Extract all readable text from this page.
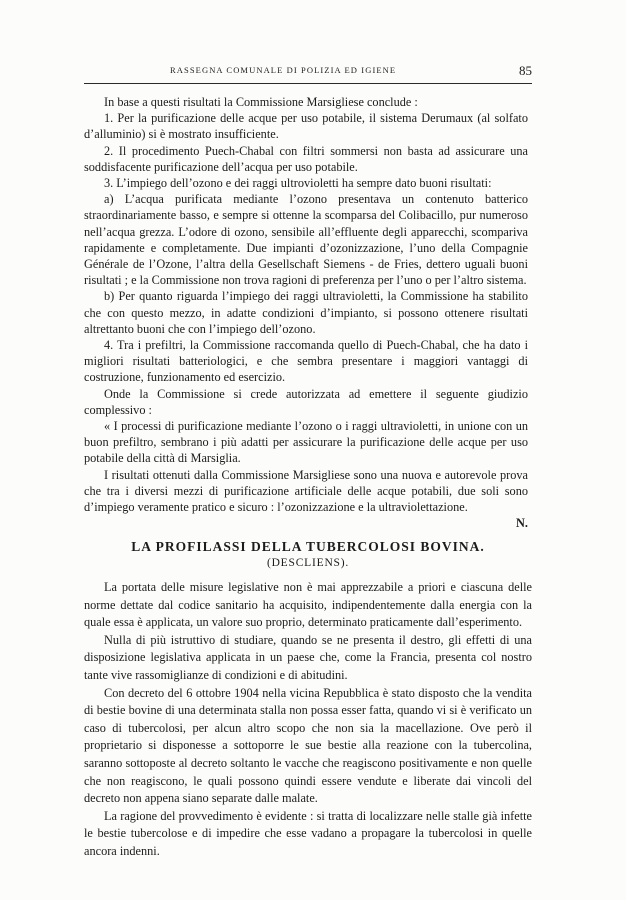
RASSEGNA COMUNALE DI POLIZIA ED IGIENE	85

In base a questi risultati la Commissione Marsigliese conclude :

1. Per la purificazione delle acque per uso potabile, il sistema Derumaux (al solfato d’alluminio) si è mostrato insufficiente.

2. Il procedimento Puech-Chabal con filtri sommersi non basta ad assicurare una soddisfacente purificazione dell’acqua per uso potabile.

3. L’impiego dell’ozono e dei raggi ultrovioletti ha sempre dato buoni risultati:

a) L’acqua purificata mediante l’ozono presentava un contenuto batterico straordinariamente basso, e sempre si ottenne la scomparsa del Colibacillo, pur numeroso nell’acqua grezza. L’odore di ozono, sensibile all’effluente degli apparecchi, scompariva rapidamente e completamente. Due impianti d’ozonizzazione, l’uno della Compagnie Générale de l’Ozone, l’altra della Gesellschaft Siemens - de Fries, dettero uguali buoni risultati ; e la Commissione non trova ragioni di preferenza per l’uno o per l’altro sistema.

b) Per quanto riguarda l’impiego dei raggi ultravioletti, la Commissione ha stabilito che con questo mezzo, in adatte condizioni d’impianto, si possono ottenere risultati altrettanto buoni che con l’impiego dell’ozono.

4. Tra i prefiltri, la Commissione raccomanda quello di Puech-Chabal, che ha dato i migliori risultati batteriologici, e che sembra presentare i maggiori vantaggi di costruzione, funzionamento ed esercizio.

Onde la Commissione si crede autorizzata ad emettere il seguente giudizio complessivo :

« I processi di purificazione mediante l’ozono o i raggi ultravioletti, in unione con un buon prefiltro, sembrano i più adatti per assicurare la purificazione delle acque per uso potabile della città di Marsiglia.

I risultati ottenuti dalla Commissione Marsigliese sono una nuova e autorevole prova che tra i diversi mezzi di purificazione artificiale delle acque potabili, due soli sono d’impiego veramente pratico e sicuro : l’ozonizzazione e la ultraviolettazione.

N.

LA PROFILASSI DELLA TUBERCOLOSI BOVINA.
(DESCLIENS).

La portata delle misure legislative non è mai apprezzabile a priori e ciascuna delle norme dettate dal codice sanitario ha acquisito, indipendentemente dalla energia con la quale essa è applicata, un valore suo proprio, determinato praticamente dall’esperimento.

Nulla di più istruttivo di studiare, quando se ne presenta il destro, gli effetti di una disposizione legislativa applicata in un paese che, come la Francia, presenta col nostro tante vive rassomiglianze di condizioni e di abitudini.

Con decreto del 6 ottobre 1904 nella vicina Repubblica è stato disposto che la vendita di bestie bovine di una determinata stalla non possa esser fatta, quando vi si è verificato un caso di tubercolosi, per alcun altro scopo che non sia la macellazione. Ove però il proprietario si disponesse a sottoporre le sue bestie alla reazione con la tubercolina, saranno sottoposte al decreto soltanto le vacche che reagiscono positivamente e non quelle che non reagiscono, le quali possono quindi essere vendute e liberate dai vincoli del decreto non appena siano separate dalle malate.

La ragione del provvedimento è evidente : si tratta di localizzare nelle stalle già infette le bestie tubercolose e di impedire che esse vadano a propagare la tubercolosi in quelle ancora indenni.
